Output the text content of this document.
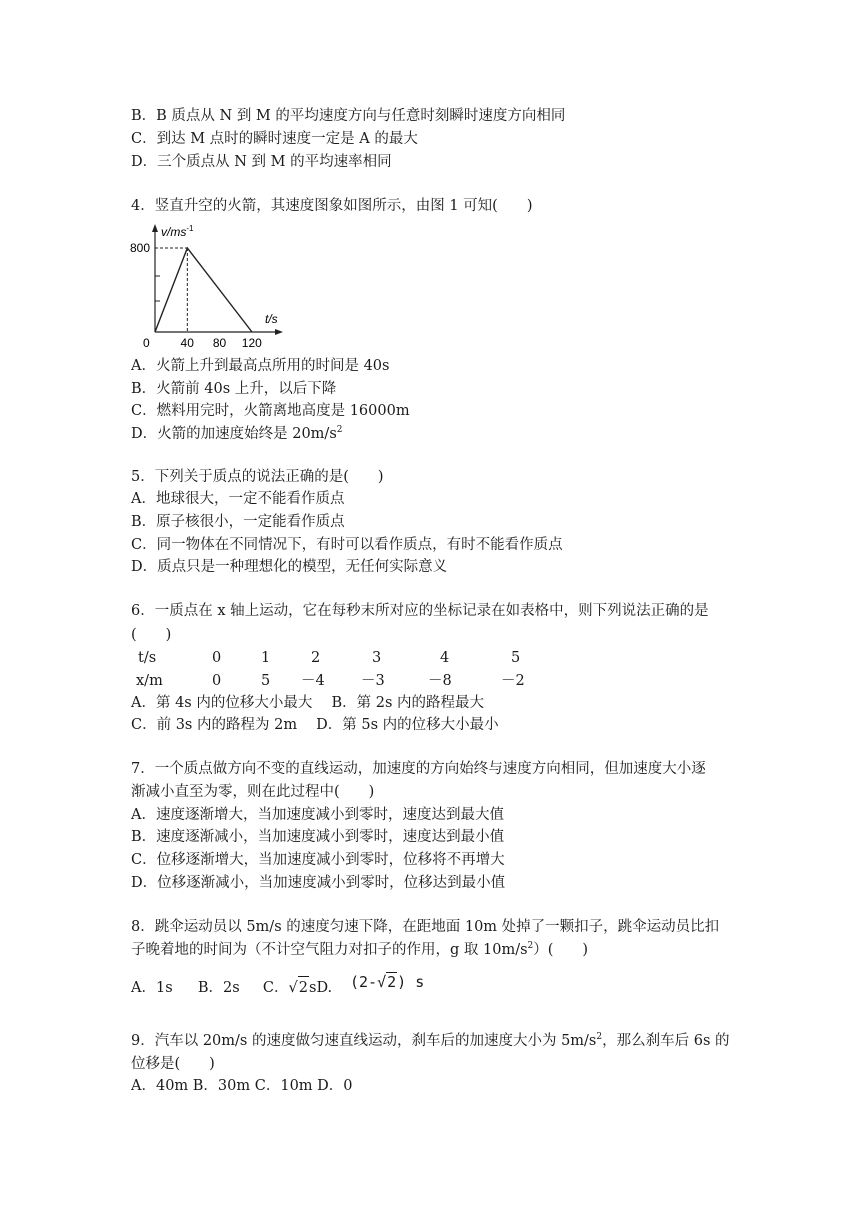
B．B 质点从 N 到 M 的平均速度方向与任意时刻瞬时速度方向相同
C．到达 M 点时的瞬时速度一定是 A 的最大
D．三个质点从 N 到 M 的平均速率相同
4．竖直升空的火箭，其速度图象如图所示，由图 1 可知(　　)
$v/ms^{-1}$
t/s
800
0	40 80 120
A．火箭上升到最高点所用的时间是 40s
B．火箭前 40s 上升，以后下降
C．燃料用完时，火箭离地高度是 16000m
D．火箭的加速度始终是 $20m/s^2$
5．下列关于质点的说法正确的是(　　)
A．地球很大，一定不能看作质点
B．原子核很小，一定能看作质点
C．同一物体在不同情况下，有时可以看作质点，有时不能看作质点
D．质点只是一种理想化的模型，无任何实际意义
6．一质点在 x 轴上运动，它在每秒末所对应的坐标记录在如表格中，则下列说法正确的是
(　　)
t/s	0	1	2	3	4	5
x/m	0	5 －4	－3	－8	－2
A．第 4s 内的位移大小最大　 B．第 2s 内的路程最大
C．前 3s 内的路程为 2m　 D．第 5s 内的位移大小最小
7．一个质点做方向不变的直线运动，加速度的方向始终与速度方向相同，但加速度大小逐
渐减小直至为零，则在此过程中(　　)
A．速度逐渐增大，当加速度减小到零时，速度达到最大值
B．速度逐渐减小，当加速度减小到零时，速度达到最小值
C．位移逐渐增大，当加速度减小到零时，位移将不再增大
D．位移逐渐减小，当加速度减小到零时，位移达到最小值
8．跳伞运动员以 5m/s 的速度匀速下降，在距地面 10m 处掉了一颗扣子，跳伞运动员比扣
子晚着地的时间为（不计空气阻力对扣子的作用，g 取 $10m/s^2$）(　　)
A．1s B．2s C．√2sD. (2-√2) s
9．汽车以 20m/s 的速度做匀速直线运动，刹车后的加速度大小为 $5m/s^2$，那么刹车后 6s 的
位移是(　　)
A．40m B．30m C．10m D．0
